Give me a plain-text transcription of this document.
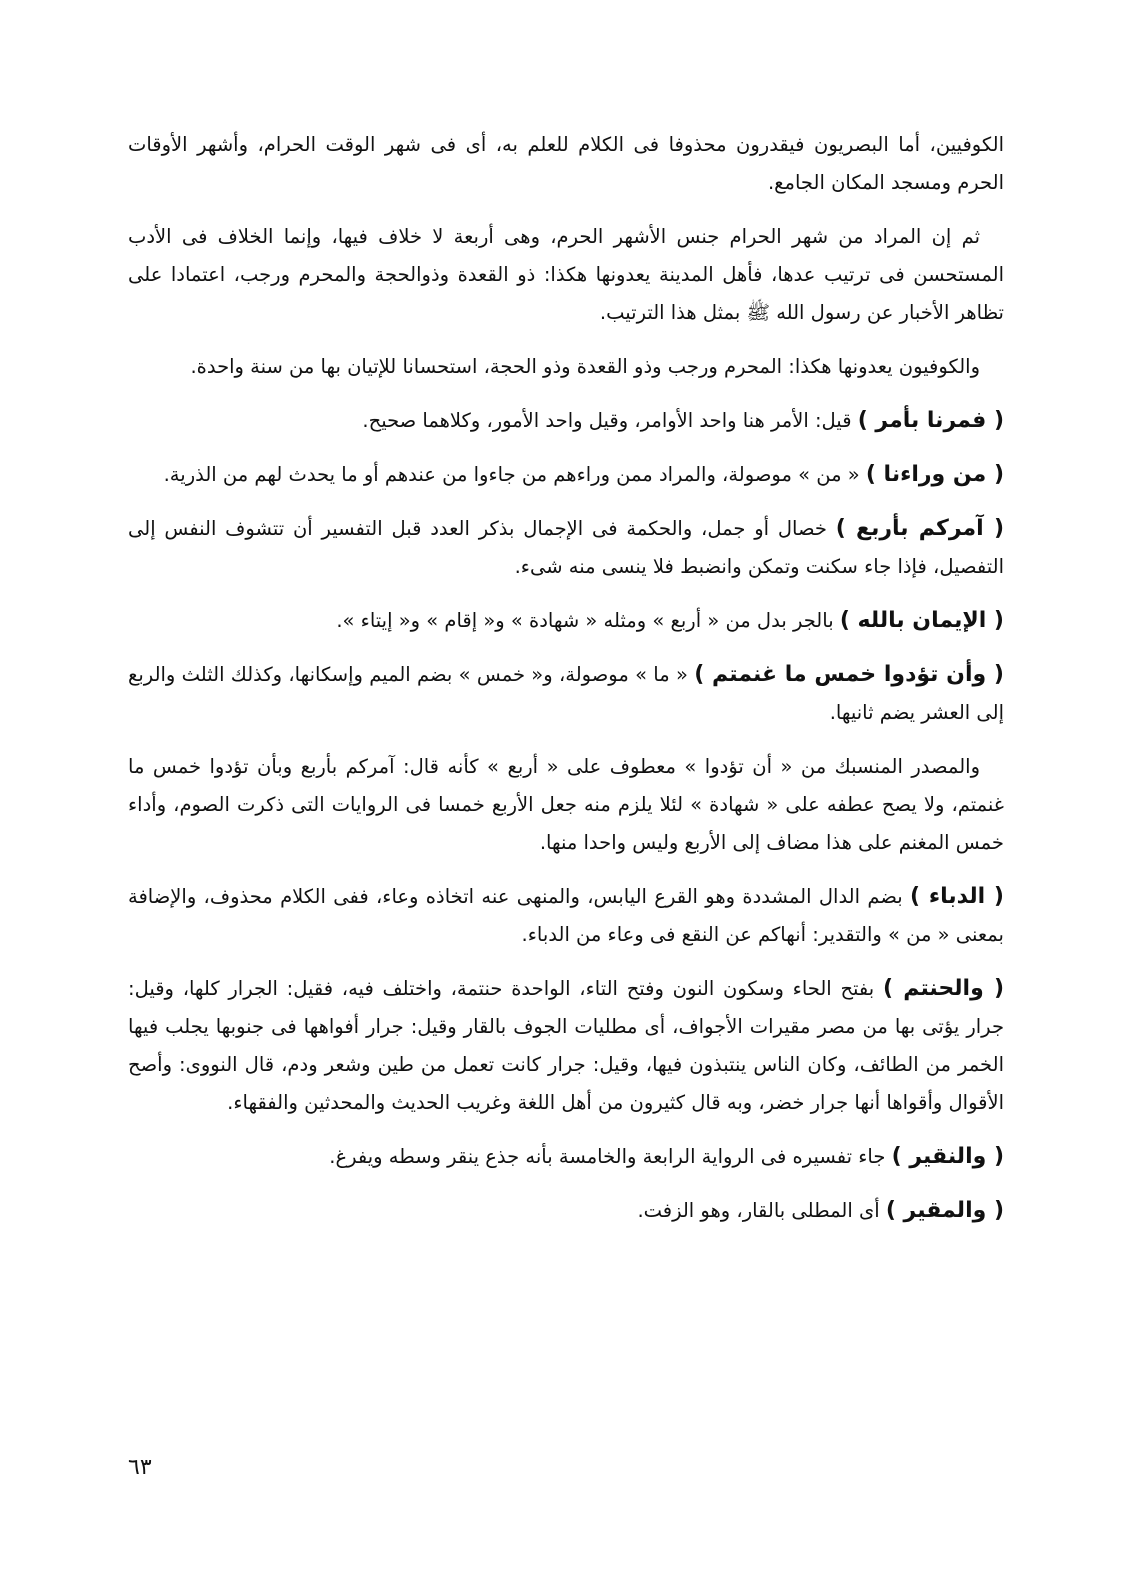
الكوفيين، أما البصريون فيقدرون محذوفا فى الكلام للعلم به، أى فى شهر الوقت الحرام، وأشهر الأوقات الحرم ومسجد المكان الجامع.

ثم إن المراد من شهر الحرام جنس الأشهر الحرم، وهى أربعة لا خلاف فيها، وإنما الخلاف فى الأدب المستحسن فى ترتيب عدها، فأهل المدينة يعدونها هكذا: ذو القعدة وذوالحجة والمحرم ورجب، اعتمادا على تظاهر الأخبار عن رسول الله ﷺ بمثل هذا الترتيب.

والكوفيون يعدونها هكذا: المحرم ورجب وذو القعدة وذو الحجة، استحسانا للإتيان بها من سنة واحدة.

( فمرنا بأمر ) قيل: الأمر هنا واحد الأوامر، وقيل واحد الأمور، وكلاهما صحيح.

( من وراءنا ) « من » موصولة، والمراد ممن وراءهم من جاءوا من عندهم أو ما يحدث لهم من الذرية.

( آمركم بأربع ) خصال أو جمل، والحكمة فى الإجمال بذكر العدد قبل التفسير أن تتشوف النفس إلى التفصيل، فإذا جاء سكنت وتمكن وانضبط فلا ينسى منه شىء.

( الإيمان بالله ) بالجر بدل من « أربع » ومثله « شهادة » و« إقام » و« إيتاء ».

( وأن تؤدوا خمس ما غنمتم ) « ما » موصولة، و« خمس » بضم الميم وإسكانها، وكذلك الثلث والربع إلى العشر يضم ثانيها.

والمصدر المنسبك من « أن تؤدوا » معطوف على « أربع » كأنه قال: آمركم بأربع وبأن تؤدوا خمس ما غنمتم، ولا يصح عطفه على « شهادة » لئلا يلزم منه جعل الأربع خمسا فى الروايات التى ذكرت الصوم، وأداء خمس المغنم على هذا مضاف إلى الأربع وليس واحدا منها.

( الدباء ) بضم الدال المشددة وهو القرع اليابس، والمنهى عنه اتخاذه وعاء، ففى الكلام محذوف، والإضافة بمعنى « من » والتقدير: أنهاكم عن النقع فى وعاء من الدباء.

( والحنتم ) بفتح الحاء وسكون النون وفتح التاء، الواحدة حنتمة، واختلف فيه، فقيل: الجرار كلها، وقيل: جرار يؤتى بها من مصر مقيرات الأجواف، أى مطليات الجوف بالقار وقيل: جرار أفواهها فى جنوبها يجلب فيها الخمر من الطائف، وكان الناس ينتبذون فيها، وقيل: جرار كانت تعمل من طين وشعر ودم، قال النووى: وأصح الأقوال وأقواها أنها جرار خضر، وبه قال كثيرون من أهل اللغة وغريب الحديث والمحدثين والفقهاء.

( والنقير ) جاء تفسيره فى الرواية الرابعة والخامسة بأنه جذع ينقر وسطه ويفرغ.

( والمقير ) أى المطلى بالقار، وهو الزفت.

٦٣
